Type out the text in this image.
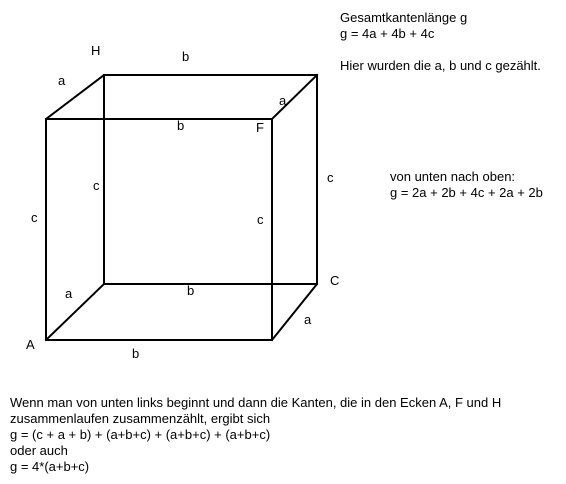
H
F
A
C
b
a
a
b
c
c
c	c
b
a
a
b

Gesamtkantenlänge g
g = 4a + 4b + 4c
Hier wurden die a, b und c gezählt.

von unten nach oben:
g = 2a + 2b + 4c + 2a + 2b

Wenn man von unten links beginnt und dann die Kanten, die in den Ecken A, F und H
zusammenlaufen zusammenzählt, ergibt sich
g = (c + a + b) + (a+b+c) + (a+b+c) + (a+b+c)
oder auch
g = 4*(a+b+c)
